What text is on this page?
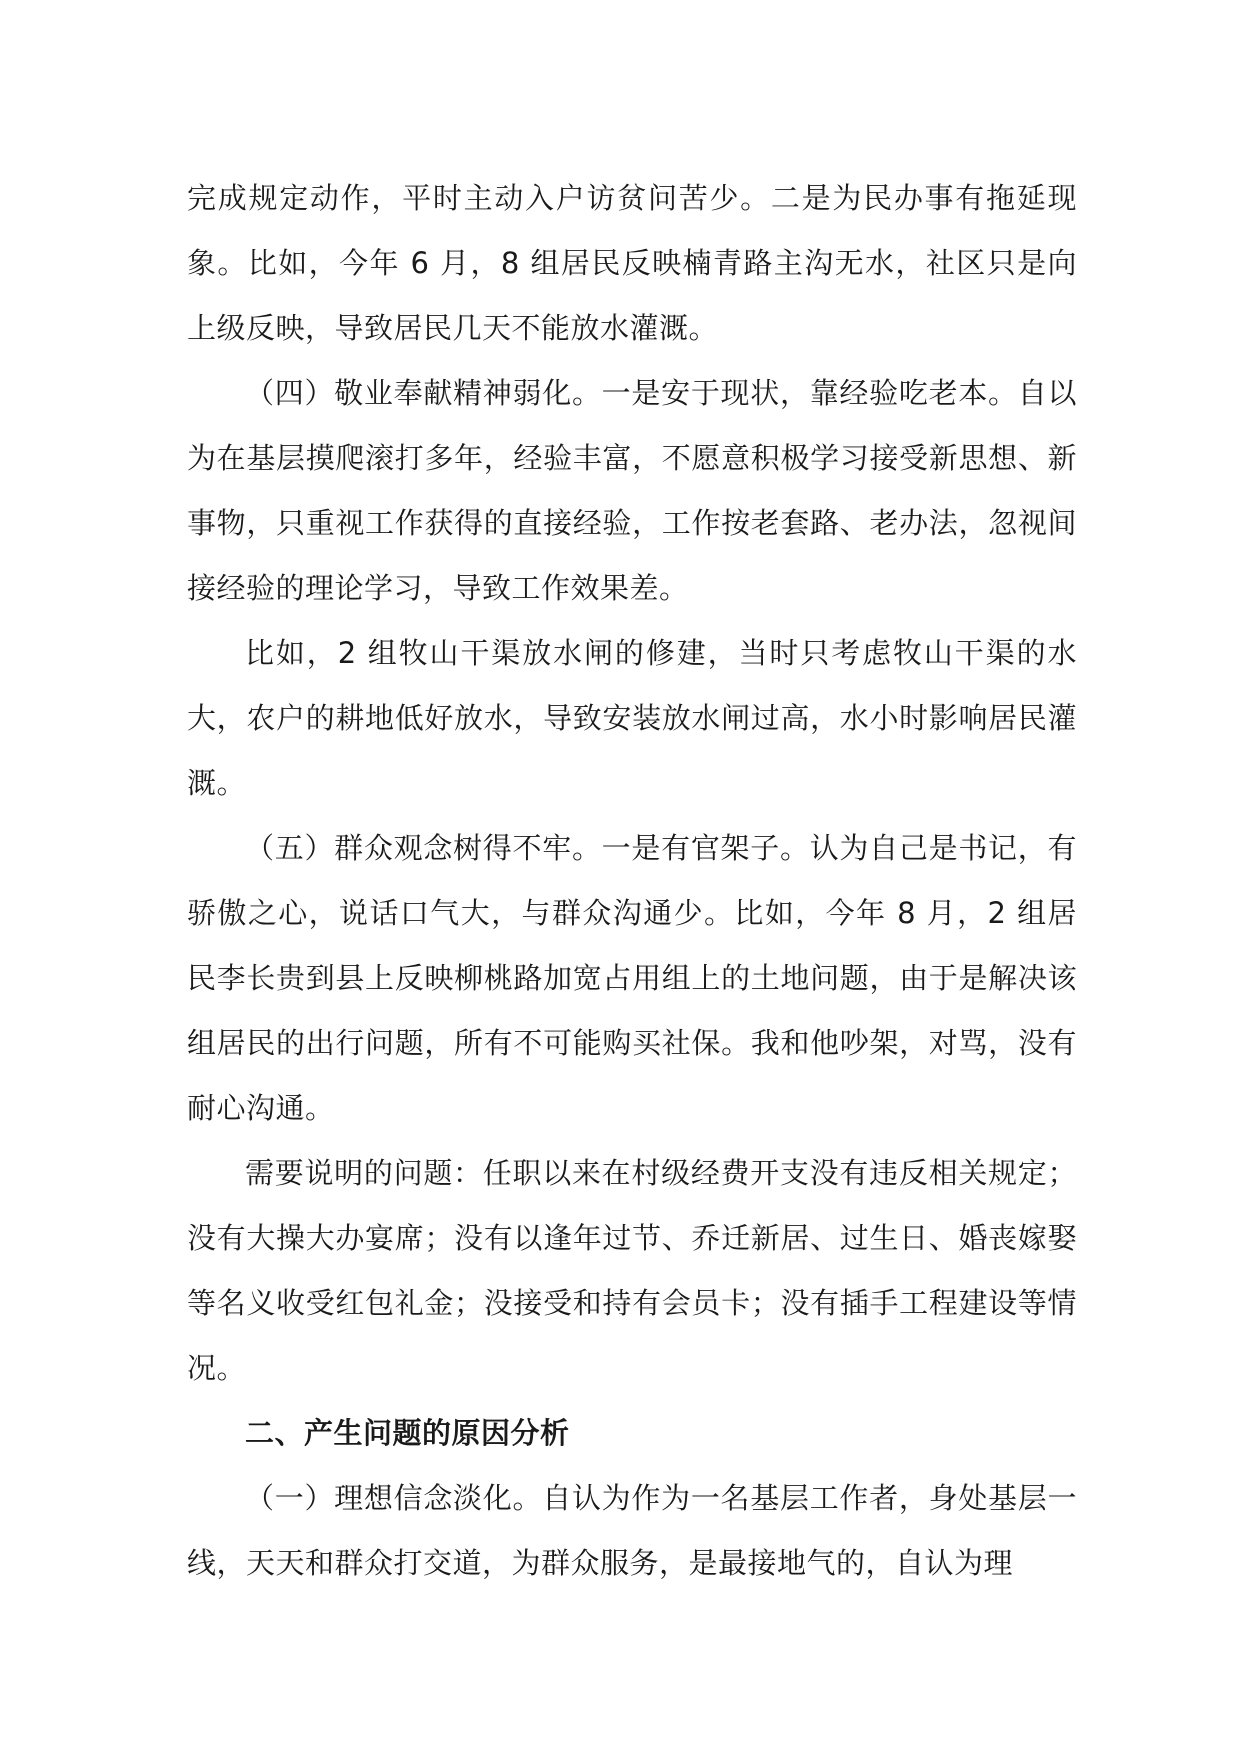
完成规定动作，平时主动入户访贫问苦少。二是为民办事有拖延现象。比如，今年 6 月，8 组居民反映楠青路主沟无水，社区只是向上级反映，导致居民几天不能放水灌溉。

（四）敬业奉献精神弱化。一是安于现状，靠经验吃老本。自以为在基层摸爬滚打多年，经验丰富，不愿意积极学习接受新思想、新事物，只重视工作获得的直接经验，工作按老套路、老办法，忽视间接经验的理论学习，导致工作效果差。

比如，2 组牧山干渠放水闸的修建，当时只考虑牧山干渠的水大，农户的耕地低好放水，导致安装放水闸过高，水小时影响居民灌溉。

（五）群众观念树得不牢。一是有官架子。认为自己是书记，有骄傲之心，说话口气大，与群众沟通少。比如，今年 8 月，2 组居民李长贵到县上反映柳桃路加宽占用组上的土地问题，由于是解决该组居民的出行问题，所有不可能购买社保。我和他吵架，对骂，没有耐心沟通。

需要说明的问题：任职以来在村级经费开支没有违反相关规定；没有大操大办宴席；没有以逢年过节、乔迁新居、过生日、婚丧嫁娶等名义收受红包礼金；没接受和持有会员卡；没有插手工程建设等情况。

二、产生问题的原因分析

（一）理想信念淡化。自认为作为一名基层工作者，身处基层一线，天天和群众打交道，为群众服务，是最接地气的，自认为理
